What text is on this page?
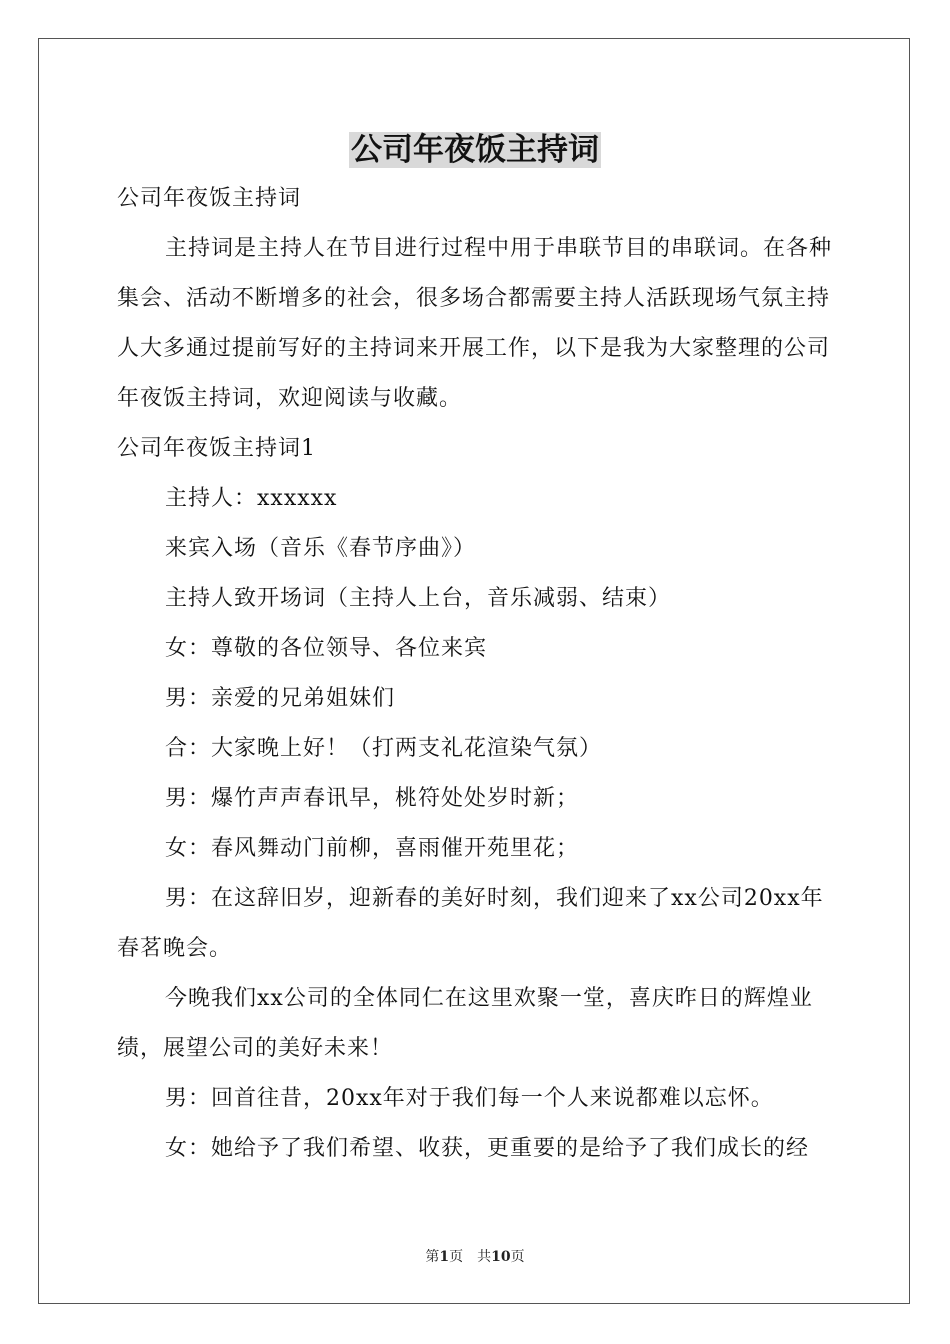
公司年夜饭主持词

公司年夜饭主持词

主持词是主持人在节目进行过程中用于串联节目的串联词。在各种集会、活动不断增多的社会，很多场合都需要主持人活跃现场气氛主持人大多通过提前写好的主持词来开展工作，以下是我为大家整理的公司年夜饭主持词，欢迎阅读与收藏。

公司年夜饭主持词1

主持人：xxxxxx

来宾入场（音乐《春节序曲》）

主持人致开场词（主持人上台，音乐减弱、结束）

女：尊敬的各位领导、各位来宾

男：亲爱的兄弟姐妹们

合：大家晚上好！（打两支礼花渲染气氛）

男：爆竹声声春讯早，桃符处处岁时新；

女：春风舞动门前柳，喜雨催开苑里花；

男：在这辞旧岁，迎新春的美好时刻，我们迎来了xx公司20xx年春茗晚会。

今晚我们xx公司的全体同仁在这里欢聚一堂，喜庆昨日的辉煌业绩，展望公司的美好未来！

男：回首往昔，20xx年对于我们每一个人来说都难以忘怀。

女：她给予了我们希望、收获，更重要的是给予了我们成长的经

第1页 共10页
